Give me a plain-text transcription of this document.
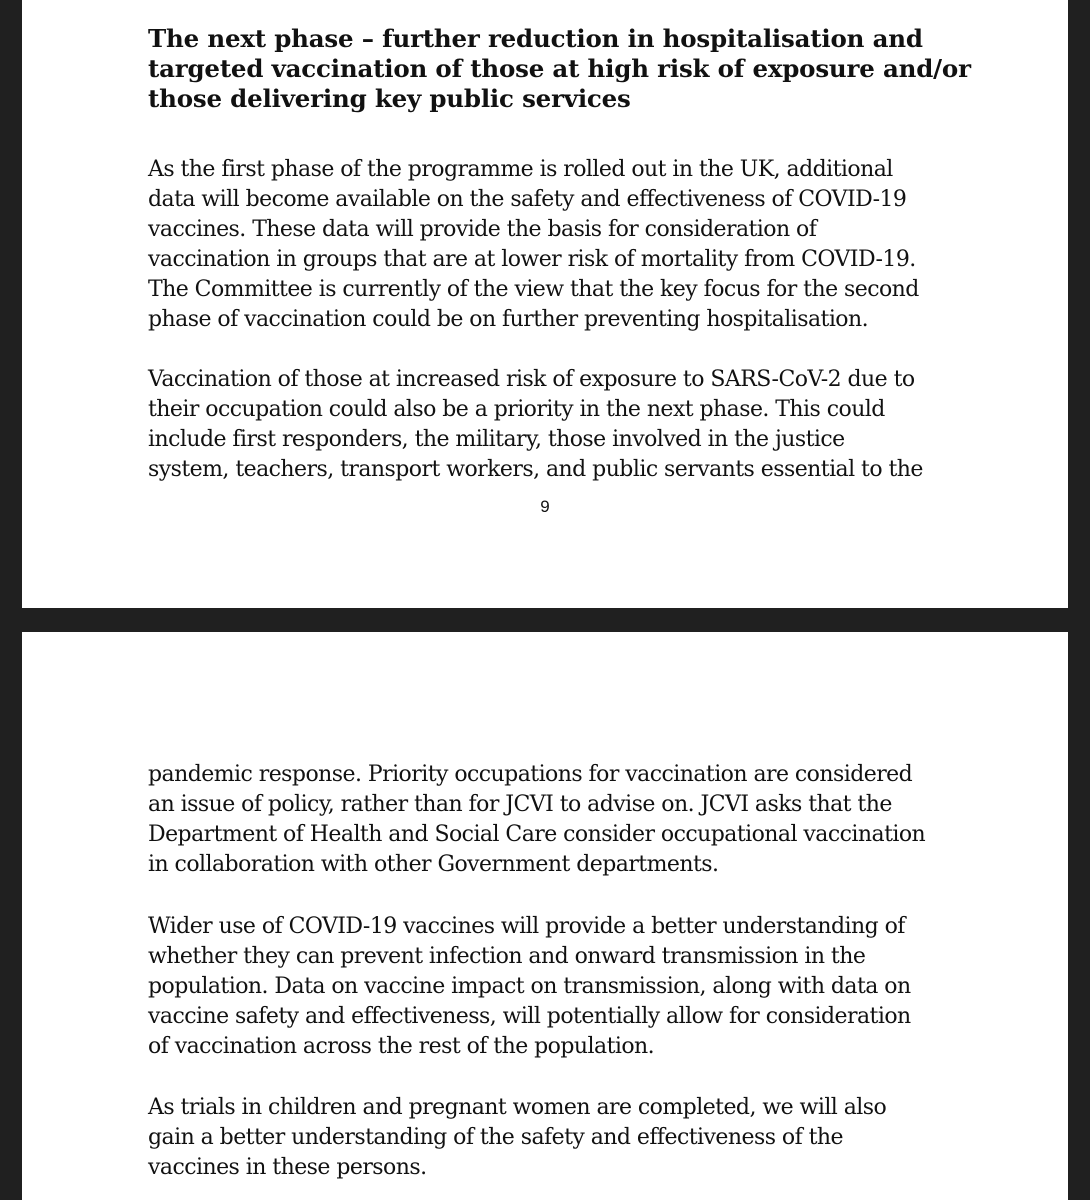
The next phase – further reduction in hospitalisation and
targeted vaccination of those at high risk of exposure and/or
those delivering key public services

As the first phase of the programme is rolled out in the UK, additional
data will become available on the safety and effectiveness of COVID-19
vaccines. These data will provide the basis for consideration of
vaccination in groups that are at lower risk of mortality from COVID-19.
The Committee is currently of the view that the key focus for the second
phase of vaccination could be on further preventing hospitalisation.

Vaccination of those at increased risk of exposure to SARS-CoV-2 due to
their occupation could also be a priority in the next phase. This could
include first responders, the military, those involved in the justice
system, teachers, transport workers, and public servants essential to the

9

pandemic response. Priority occupations for vaccination are considered
an issue of policy, rather than for JCVI to advise on. JCVI asks that the
Department of Health and Social Care consider occupational vaccination
in collaboration with other Government departments.

Wider use of COVID-19 vaccines will provide a better understanding of
whether they can prevent infection and onward transmission in the
population. Data on vaccine impact on transmission, along with data on
vaccine safety and effectiveness, will potentially allow for consideration
of vaccination across the rest of the population.

As trials in children and pregnant women are completed, we will also
gain a better understanding of the safety and effectiveness of the
vaccines in these persons.
